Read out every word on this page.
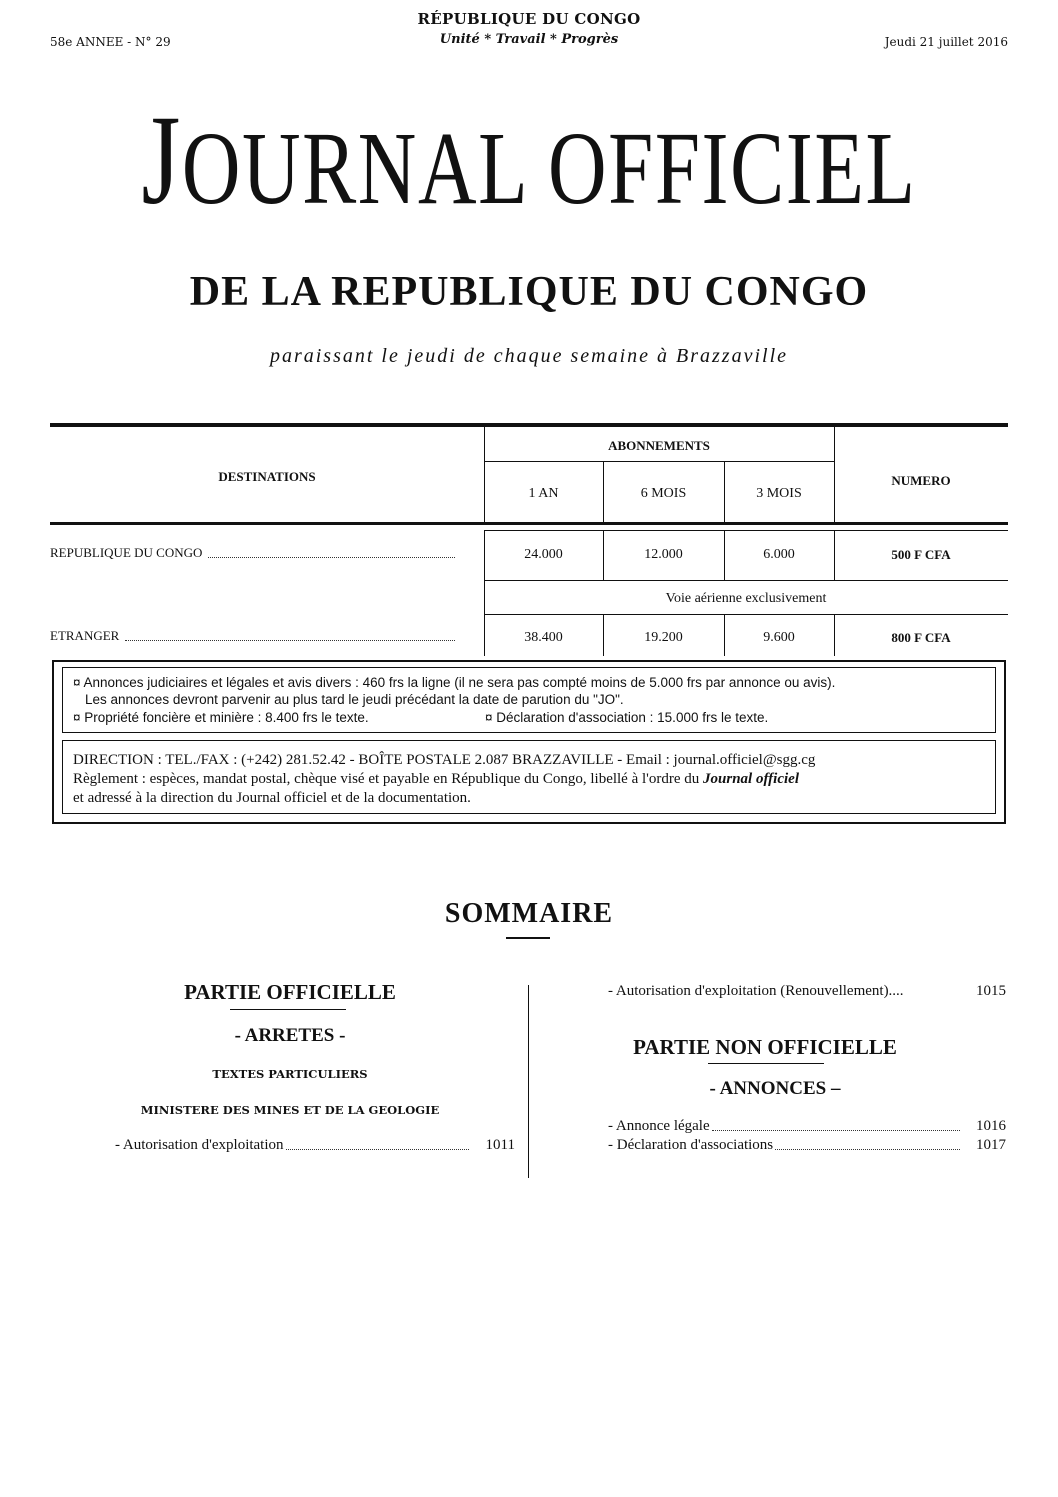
RÉPUBLIQUE DU CONGO
Unité * Travail * Progrès
58e ANNEE - N° 29	Jeudi 21 juillet 2016
JOURNAL OFFICIEL
DE LA REPUBLIQUE DU CONGO
paraissant le jeudi de chaque semaine à Brazzaville
DESTINATIONS
ABONNEMENTS
NUMERO
1 AN	6 MOIS	3 MOIS
REPUBLIQUE DU CONGO	24.000	12.000	6.000	500 F CFA
Voie aérienne exclusivement
ETRANGER	38.400	19.200	9.600	800 F CFA
¤ Annonces judiciaires et légales et avis divers : 460 frs la ligne (il ne sera pas compté moins de 5.000 frs par annonce ou avis).
Les annonces devront parvenir au plus tard le jeudi précédant la date de parution du "JO".
¤ Propriété foncière et minière : 8.400 frs le texte.	¤ Déclaration d'association : 15.000 frs le texte.
DIRECTION : TEL./FAX : (+242) 281.52.42 - BOÎTE POSTALE 2.087 BRAZZAVILLE - Email : journal.officiel@sgg.cg
Règlement : espèces, mandat postal, chèque visé et payable en République du Congo, libellé à l'ordre du Journal officiel
et adressé à la direction du Journal officiel et de la documentation.
SOMMAIRE
PARTIE OFFICIELLE
- ARRETES -
TEXTES PARTICULIERS
MINISTERE DES MINES ET DE LA GEOLOGIE
- Autorisation d'exploitation	1011
- Autorisation d'exploitation (Renouvellement)....	1015
PARTIE NON OFFICIELLE
- ANNONCES –
- Annonce légale	1016
- Déclaration d'associations	1017
